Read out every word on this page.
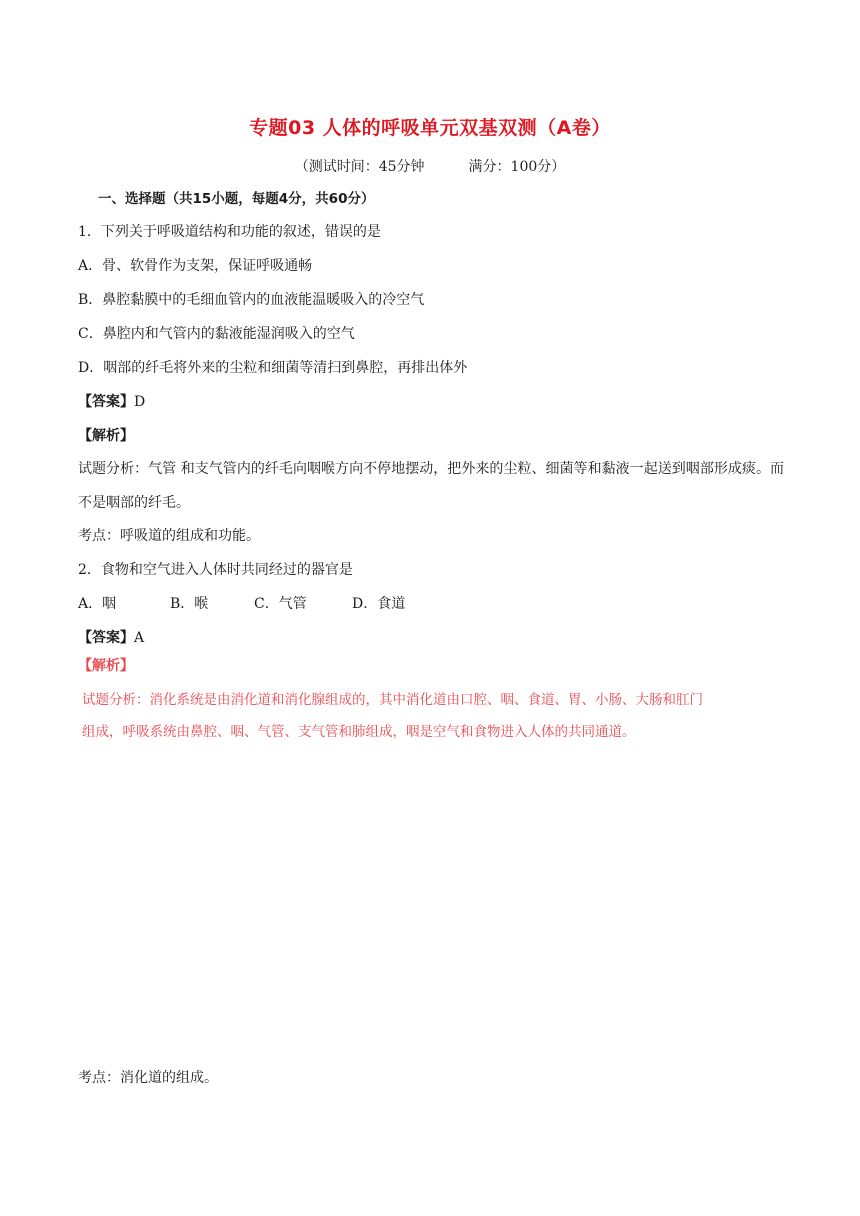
专题03 人体的呼吸单元双基双测（A卷）
（测试时间：45分钟	满分：100分）
一、选择题（共15小题，每题4分，共60分）
1．下列关于呼吸道结构和功能的叙述，错误的是
A．骨、软骨作为支架，保证呼吸通畅
B．鼻腔黏膜中的毛细血管内的血液能温暖吸入的冷空气
C．鼻腔内和气管内的黏液能湿润吸入的空气
D．咽部的纤毛将外来的尘粒和细菌等清扫到鼻腔，再排出体外
【答案】D
【解析】
试题分析：气管 和支气管内的纤毛向咽喉方向不停地摆动，把外来的尘粒、细菌等和黏液一起送到咽部形成痰。而不是咽部的纤毛。
考点：呼吸道的组成和功能。
2．食物和空气进入人体时共同经过的器官是
A．咽	B．喉	C．气管	D．食道
【答案】A
【解析】
试题分析：消化系统是由消化道和消化腺组成的，其中消化道由口腔、咽、食道、胃、小肠、大肠和肛门
组成，呼吸系统由鼻腔、咽、气管、支气管和肺组成，咽是空气和食物进入人体的共同通道。
考点：消化道的组成。
